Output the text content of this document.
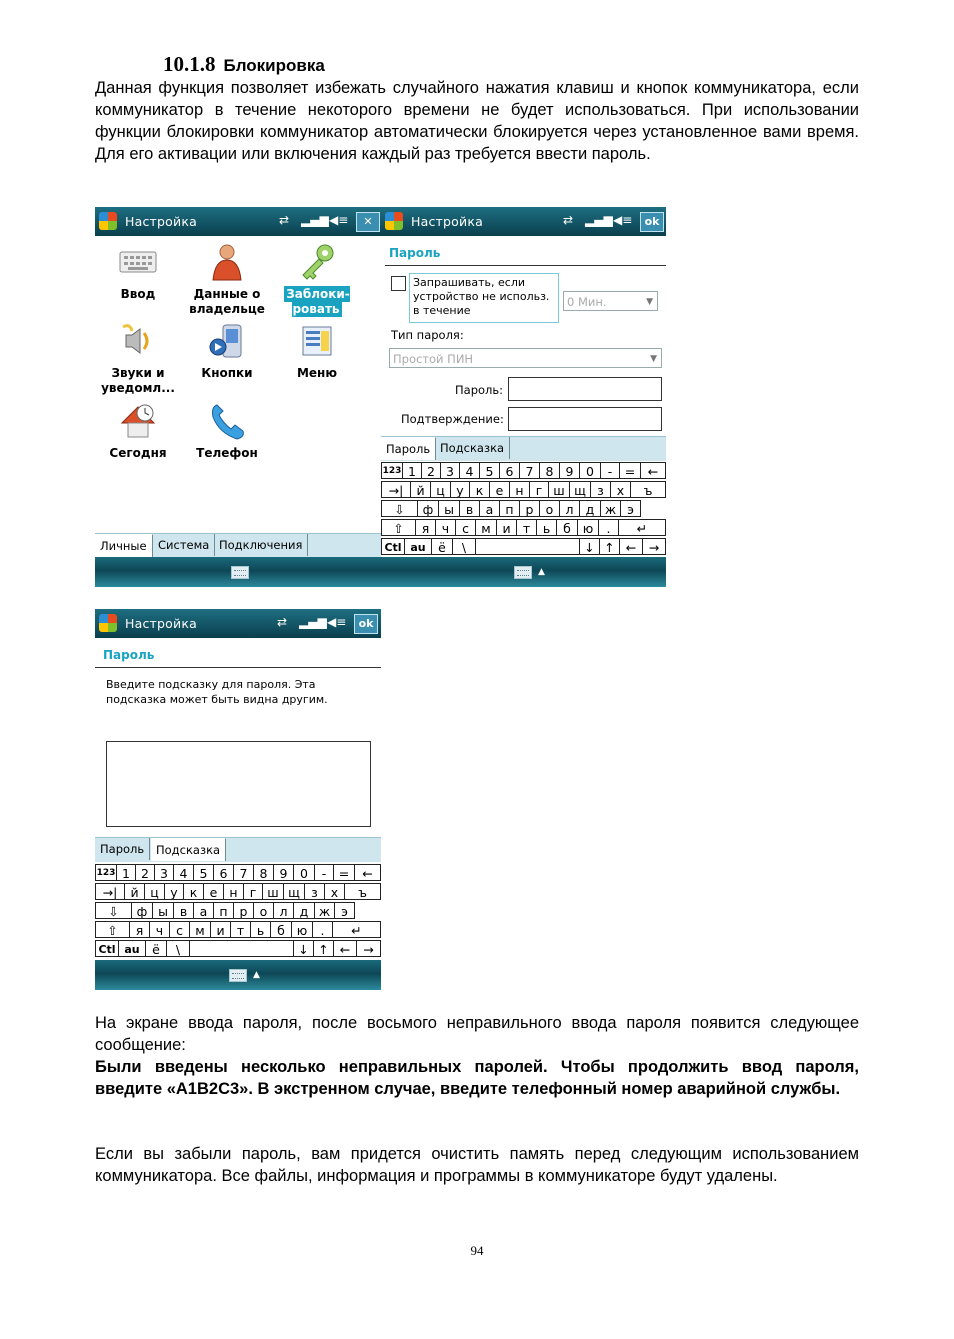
10.1.8 Блокировка
Данная функция позволяет избежать случайного нажатия клавиш и кнопок коммуникатора, если коммуникатор в течение некоторого времени не будет использоваться. При использовании функции блокировки коммуникатор автоматически блокируется через установленное вами время. Для его активации или включения каждый раз требуется ввести пароль.
Настройка	⇄ ▂▄▆ ◀≡	✕
Ввод	Данные о владельце
Заблоки-ровать
Звуки и уведомл...
Кнопки	Меню
Сегодня	Телефон
Личные Система Подключения
Настройка	⇄ ▂▄▆ ◀≡	ok
Пароль
Запрашивать, если устройство не использ. в течение
0 Мин.	▼
Тип пароля:
Простой ПИН	▼
Пароль:
Подтверждение:
Пароль Подсказка
123 1 2 3 4 5 6 7 8 9	0	-	=	←
→|	й ц у к е н г ш щ з	х	ъ
⇩	ф ы в а п р о л д ж э
⇧	я	ч	с м и т	ь	б ю	.	↵
Ctl au	ё	\	↓ ↑ ←	→
▲
Настройка	⇄ ▂▄▆ ◀≡	ok
Пароль
Введите подсказку для пароля. Эта подсказка может быть видна другим.
Пароль	Подсказка
123 1 2 3 4 5 6 7 8 9	0	-	=	←
→|	й ц у к е н г ш щ з	х	ъ
⇩	ф ы в а п р о л д ж э
⇧	я	ч	с м и т	ь	б ю	.	↵
Ctl au	ё	\	↓ ↑ ←	→
▲
На экране ввода пароля, после восьмого неправильного ввода пароля появится следующее сообщение:
Были введены несколько неправильных паролей. Чтобы продолжить ввод пароля, введите «A1B2C3». В экстренном случае, введите телефонный номер аварийной службы.
Если вы забыли пароль, вам придется очистить память перед следующим использованием коммуникатора. Все файлы, информация и программы в коммуникаторе будут удалены.
94
